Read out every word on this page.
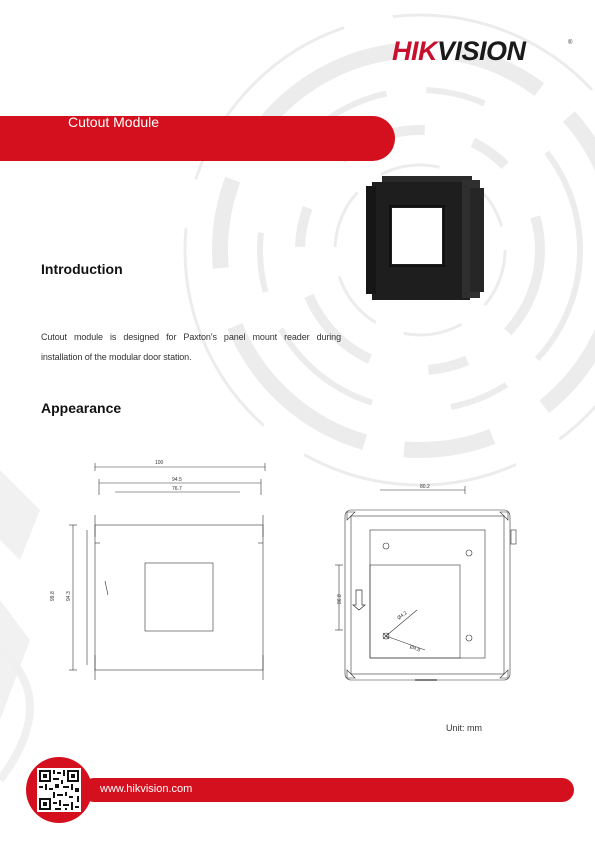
HIKVISION	®
Cutout Module
Introduction

Cutout module is designed for Paxton's panel mount reader during installation of the modular door station.

Appearance
100
94.5
76.7
99.8 94.3
80.2
86.8
Ø4.2
Ø4.8
Unit: mm
www.hikvision.com
